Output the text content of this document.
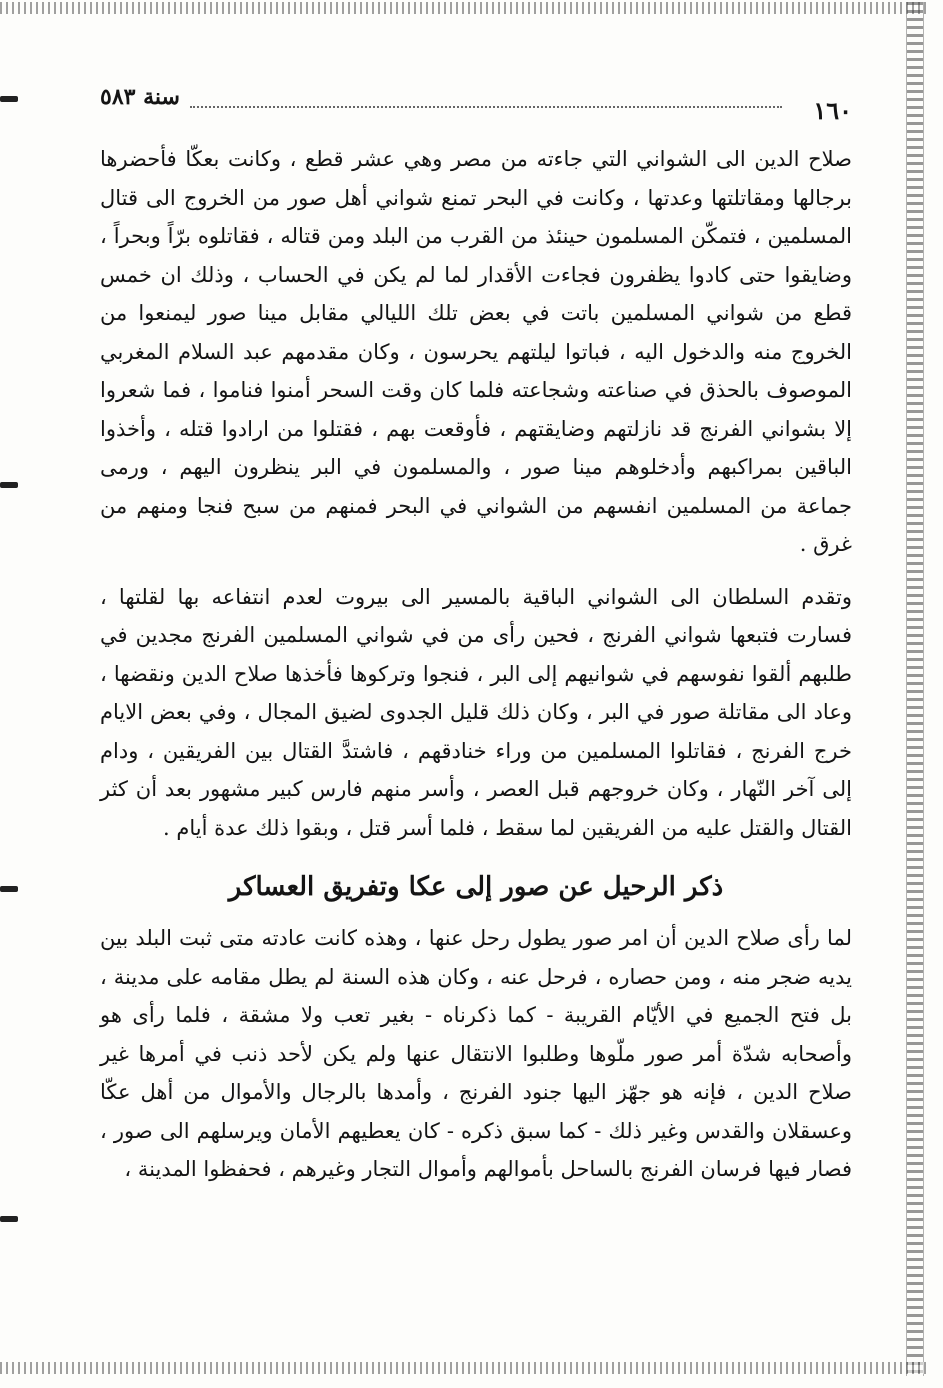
١٦٠
سنة ٥٨٣

صلاح الدين الى الشواني التي جاءته من مصر وهي عشر قطع ، وكانت بعكّا فأحضرها برجالها ومقاتلتها وعدتها ، وكانت في البحر تمنع شواني أهل صور من الخروج الى قتال المسلمين ، فتمكّن المسلمون حينئذ من القرب من البلد ومن قتاله ، فقاتلوه برّاً وبحراً ، وضايقوا حتى كادوا يظفرون فجاءت الأقدار لما لم يكن في الحساب ، وذلك ان خمس قطع من شواني المسلمين باتت في بعض تلك الليالي مقابل مينا صور ليمنعوا من الخروج منه والدخول اليه ، فباتوا ليلتهم يحرسون ، وكان مقدمهم عبد السلام المغربي الموصوف بالحذق في صناعته وشجاعته فلما كان وقت السحر أمنوا فناموا ، فما شعروا إلا بشواني الفرنج قد نازلتهم وضايقتهم ، فأوقعت بهم ، فقتلوا من ارادوا قتله ، وأخذوا الباقين بمراكبهم وأدخلوهم مينا صور ، والمسلمون في البر ينظرون اليهم ، ورمى جماعة من المسلمين انفسهم من الشواني في البحر فمنهم من سبح فنجا ومنهم من غرق .

وتقدم السلطان الى الشواني الباقية بالمسير الى بيروت لعدم انتفاعه بها لقلتها ، فسارت فتبعها شواني الفرنج ، فحين رأى من في شواني المسلمين الفرنج مجدين في طلبهم ألقوا نفوسهم في شوانيهم إلى البر ، فنجوا وتركوها فأخذها صلاح الدين ونقضها ، وعاد الى مقاتلة صور في البر ، وكان ذلك قليل الجدوى لضيق المجال ، وفي بعض الايام خرج الفرنج ، فقاتلوا المسلمين من وراء خنادقهم ، فاشتدَّ القتال بين الفريقين ، ودام إلى آخر النّهار ، وكان خروجهم قبل العصر ، وأسر منهم فارس كبير مشهور بعد أن كثر القتال والقتل عليه من الفريقين لما سقط ، فلما أسر قتل ، وبقوا ذلك عدة أيام .

ذكر الرحيل عن صور إلى عكا وتفريق العساكر

لما رأى صلاح الدين أن امر صور يطول رحل عنها ، وهذه كانت عادته متى ثبت البلد بين يديه ضجر منه ، ومن حصاره ، فرحل عنه ، وكان هذه السنة لم يطل مقامه على مدينة ، بل فتح الجميع في الأيّام القريبة - كما ذكرناه - بغير تعب ولا مشقة ، فلما رأى هو وأصحابه شدّة أمر صور ملّوها وطلبوا الانتقال عنها ولم يكن لأحد ذنب في أمرها غير صلاح الدين ، فإنه هو جهّز اليها جنود الفرنج ، وأمدها بالرجال والأموال من أهل عكّا وعسقلان والقدس وغير ذلك - كما سبق ذكره - كان يعطيهم الأمان ويرسلهم الى صور ، فصار فيها فرسان الفرنج بالساحل بأموالهم وأموال التجار وغيرهم ، فحفظوا المدينة ،
